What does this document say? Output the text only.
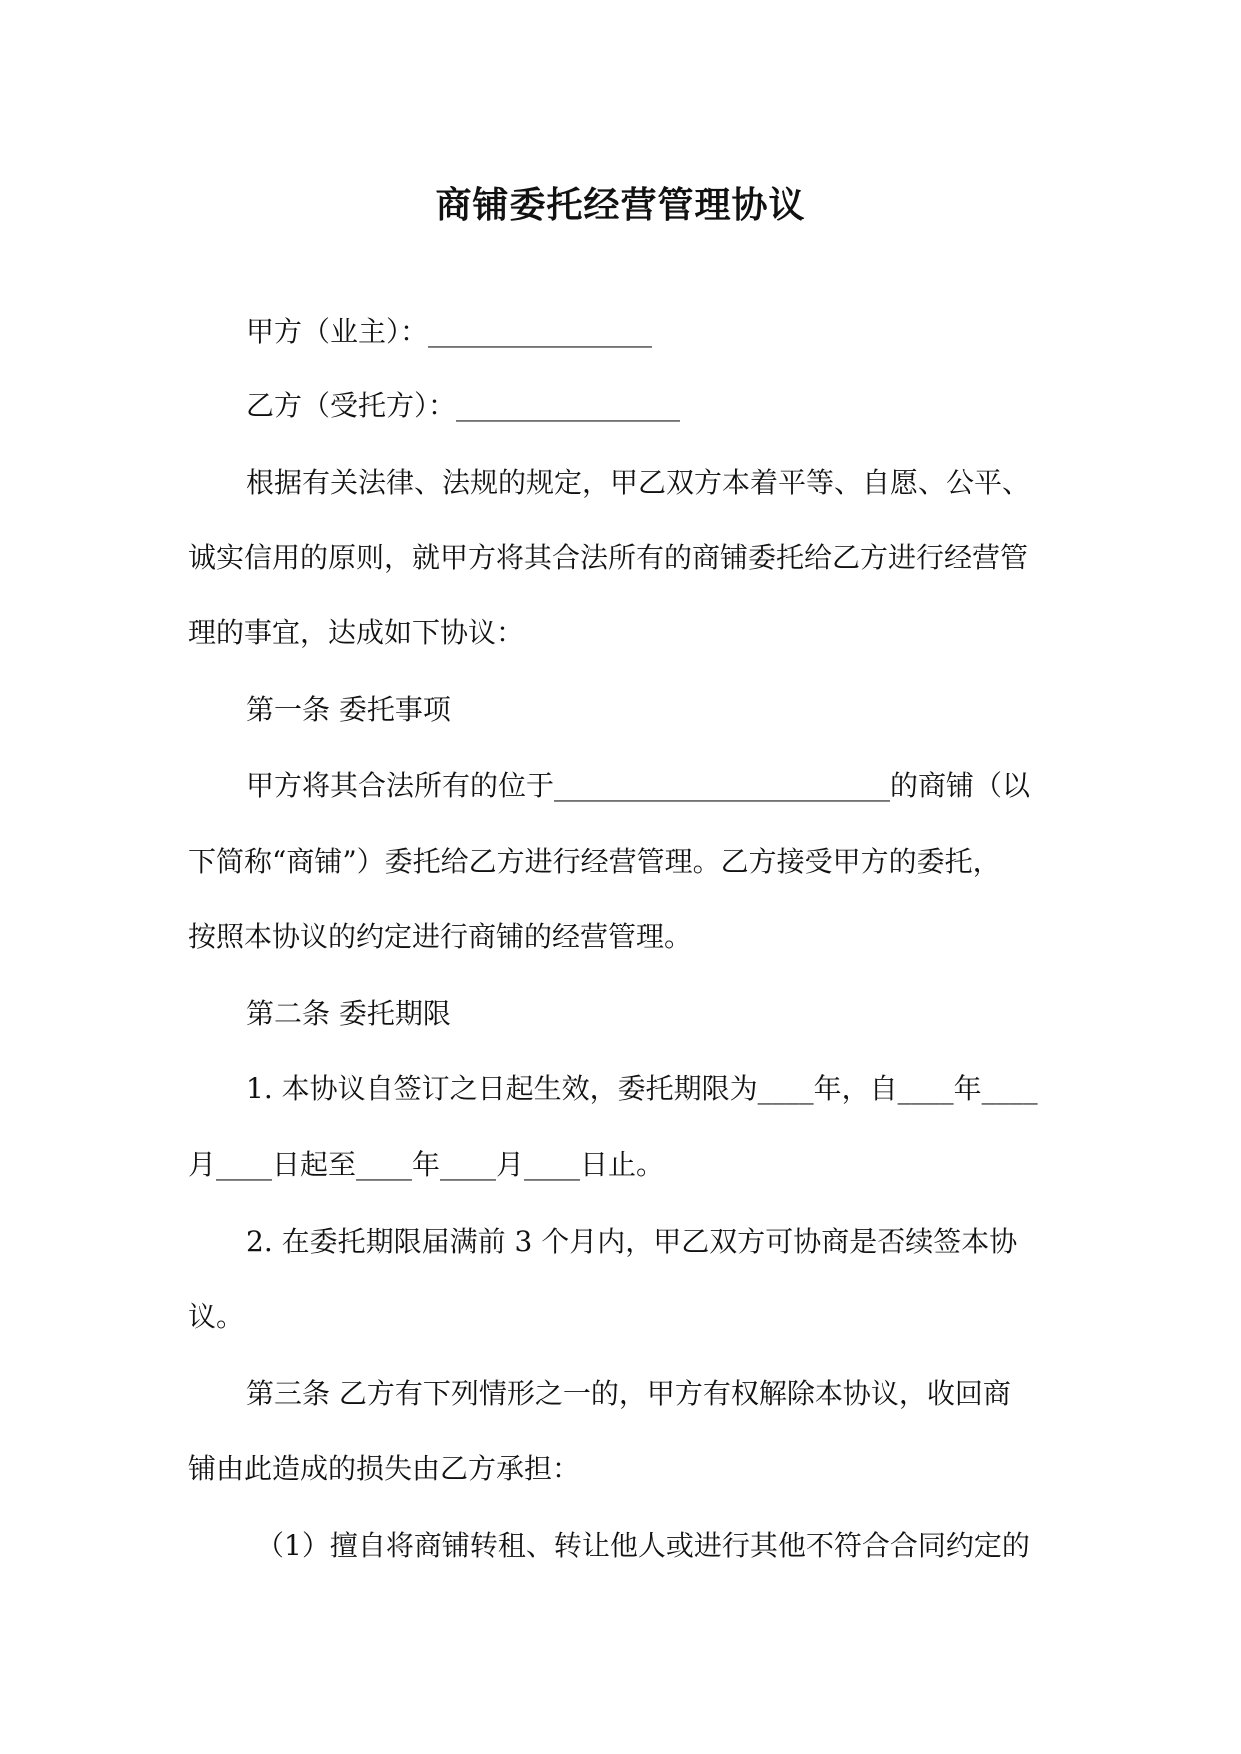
商铺委托经营管理协议
甲方（业主）：________________
乙方（受托方）：________________
根据有关法律、法规的规定，甲乙双方本着平等、自愿、公平、
诚实信用的原则，就甲方将其合法所有的商铺委托给乙方进行经营管
理的事宜，达成如下协议：
第一条 委托事项
甲方将其合法所有的位于________________________的商铺（以
下简称“商铺”）委托给乙方进行经营管理。乙方接受甲方的委托，
按照本协议的约定进行商铺的经营管理。
第二条 委托期限
1. 本协议自签订之日起生效，委托期限为____年，自____年____
月____日起至____年____月____日止。
2. 在委托期限届满前 3 个月内，甲乙双方可协商是否续签本协
议。
第三条 乙方有下列情形之一的，甲方有权解除本协议，收回商
铺由此造成的损失由乙方承担：
（1）擅自将商铺转租、转让他人或进行其他不符合合同约定的
